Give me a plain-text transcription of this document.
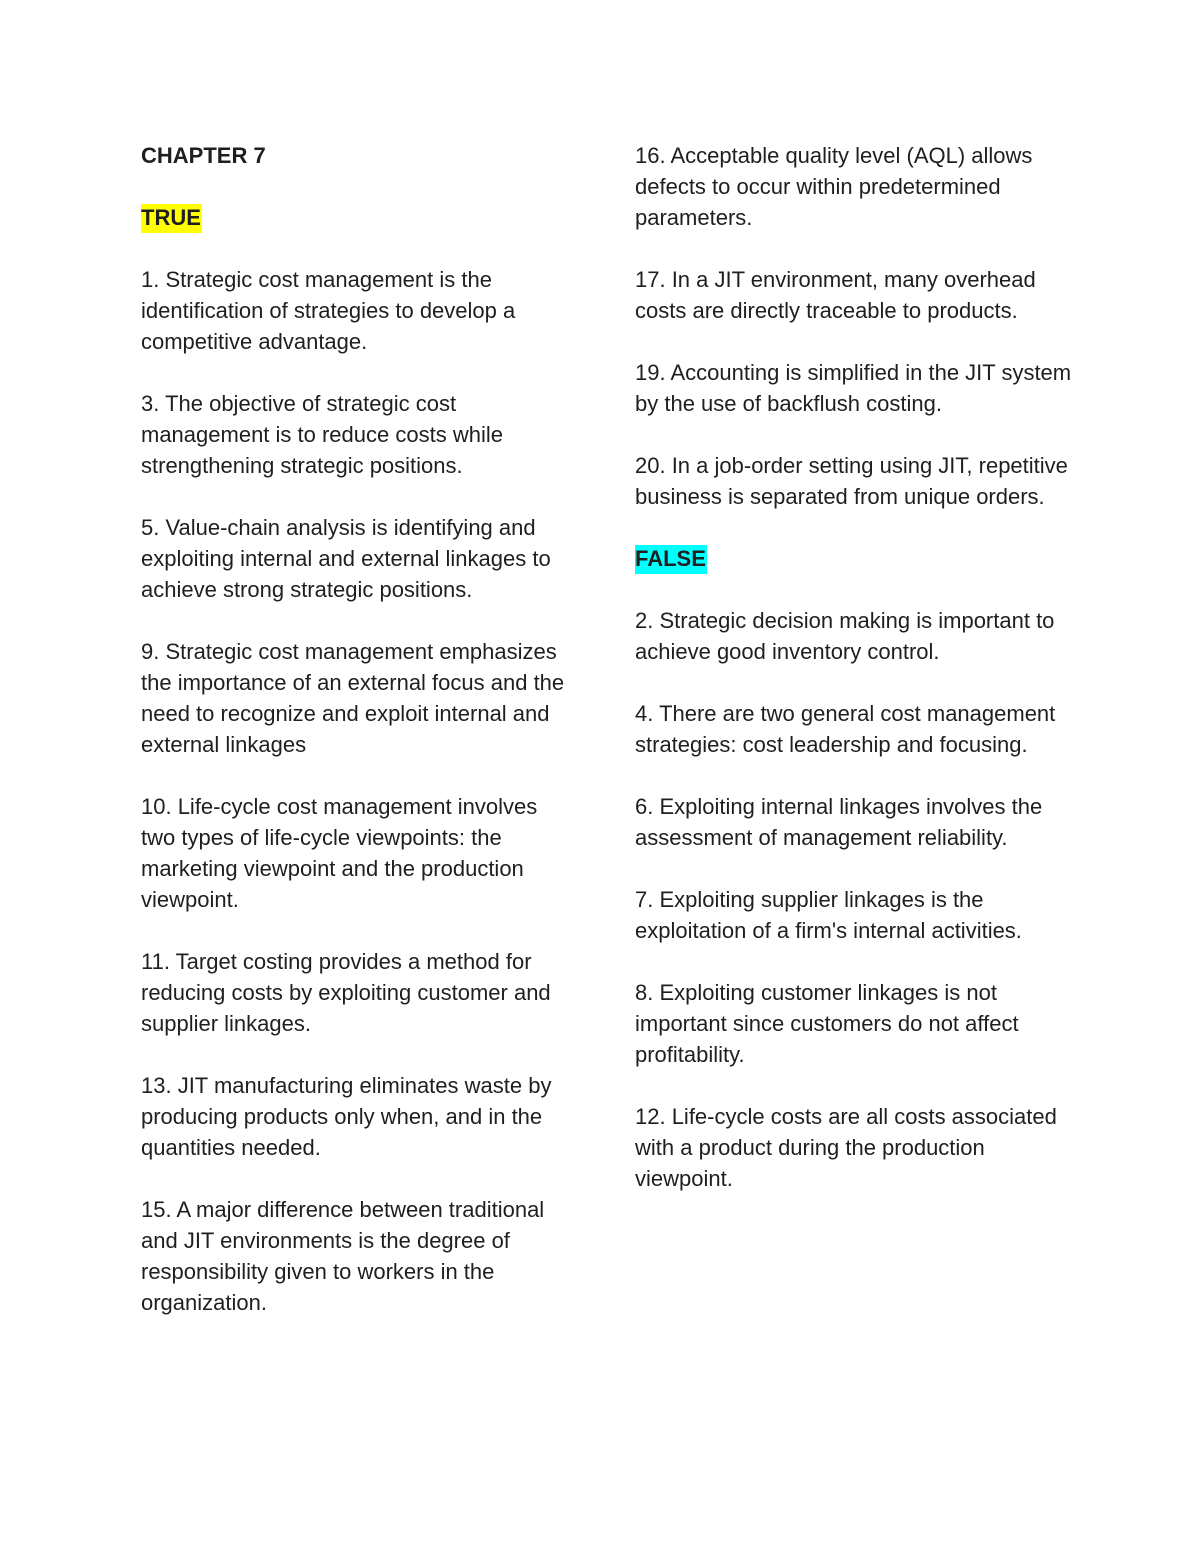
CHAPTER 7
TRUE
1. Strategic cost management is the identification of strategies to develop a competitive advantage.
3. The objective of strategic cost management is to reduce costs while strengthening strategic positions.
5. Value-chain analysis is identifying and exploiting internal and external linkages to achieve strong strategic positions.
9. Strategic cost management emphasizes the importance of an external focus and the need to recognize and exploit internal and external linkages
10. Life-cycle cost management involves two types of life-cycle viewpoints: the marketing viewpoint and the production viewpoint.
11. Target costing provides a method for reducing costs by exploiting customer and supplier linkages.
13. JIT manufacturing eliminates waste by producing products only when, and in the quantities needed.
15. A major difference between traditional and JIT environments is the degree of responsibility given to workers in the organization.
16. Acceptable quality level (AQL) allows defects to occur within predetermined parameters.
17. In a JIT environment, many overhead costs are directly traceable to products.
19. Accounting is simplified in the JIT system by the use of backflush costing.
20. In a job-order setting using JIT, repetitive business is separated from unique orders.
FALSE
2. Strategic decision making is important to achieve good inventory control.
4. There are two general cost management strategies: cost leadership and focusing.
6. Exploiting internal linkages involves the assessment of management reliability.
7. Exploiting supplier linkages is the exploitation of a firm's internal activities.
8. Exploiting customer linkages is not important since customers do not affect profitability.
12. Life-cycle costs are all costs associated with a product during the production viewpoint.
